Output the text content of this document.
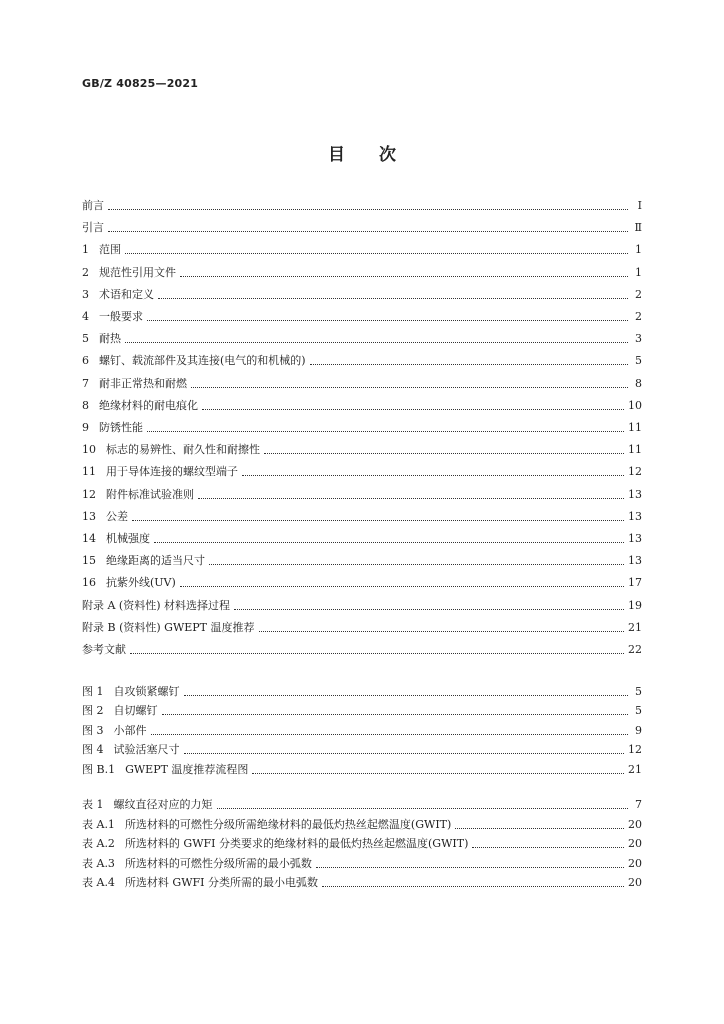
GB/Z 40825—2021
目 次
前言	Ⅰ
引言	Ⅱ
1 范围	1
2 规范性引用文件	1
3 术语和定义	2
4 一般要求	2
5 耐热	3
6 螺钉、载流部件及其连接(电气的和机械的)	5
7 耐非正常热和耐燃	8
8 绝缘材料的耐电痕化	10
9 防锈性能	11
10 标志的易辨性、耐久性和耐擦性	11
11 用于导体连接的螺纹型端子	12
12 附件标准试验准则	13
13 公差	13
14 机械强度	13
15 绝缘距离的适当尺寸	13
16 抗紫外线(UV)	17
附录 A (资料性) 材料选择过程	19
附录 B (资料性) GWEPT 温度推荐	21
参考文献	22
图 1 自攻锁紧螺钉	5
图 2 自切螺钉	5
图 3 小部件	9
图 4 试验活塞尺寸	12
图 B.1 GWEPT 温度推荐流程图	21
表 1 螺纹直径对应的力矩	7
表 A.1 所选材料的可燃性分级所需绝缘材料的最低灼热丝起燃温度(GWIT)	20
表 A.2 所选材料的 GWFI 分类要求的绝缘材料的最低灼热丝起燃温度(GWIT)	20
表 A.3 所选材料的可燃性分级所需的最小弧数	20
表 A.4 所选材料 GWFI 分类所需的最小电弧数	20
